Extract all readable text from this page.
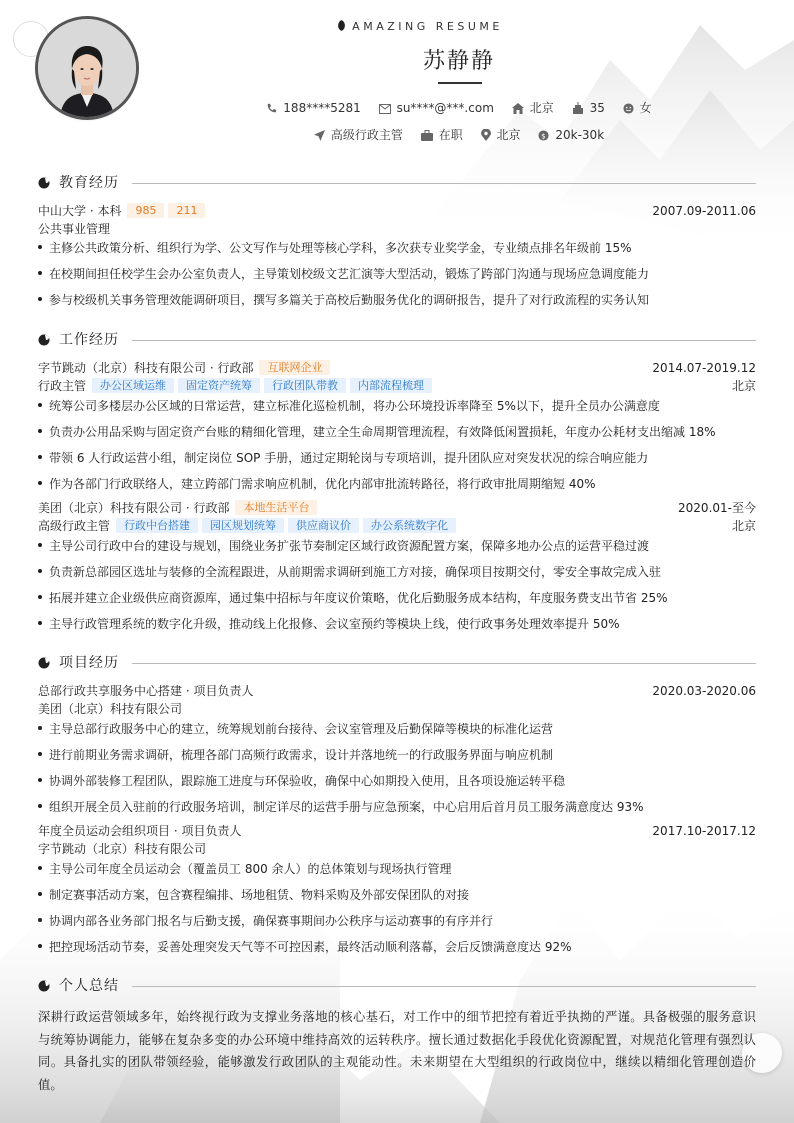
AMAZING RESUME
苏静静
188****5281	su****@***.com	北京	35	女
高级行政主管	在职	北京	$ 20k-30k
教育经历
中山大学 · 本科 985 211	2007.09-2011.06
公共事业管理
主修公共政策分析、组织行为学、公文写作与处理等核心学科，多次获专业奖学金，专业绩点排名年级前 15%
在校期间担任校学生会办公室负责人，主导策划校级文艺汇演等大型活动，锻炼了跨部门沟通与现场应急调度能力
参与校级机关事务管理效能调研项目，撰写多篇关于高校后勤服务优化的调研报告，提升了对行政流程的实务认知
工作经历
字节跳动（北京）科技有限公司 · 行政部 互联网企业	2014.07-2019.12
行政主管 办公区域运维 固定资产统筹 行政团队带教 内部流程梳理	北京
统筹公司多楼层办公区域的日常运营，建立标准化巡检机制，将办公环境投诉率降至 5%以下，提升全员办公满意度
负责办公用品采购与固定资产台账的精细化管理，建立全生命周期管理流程，有效降低闲置损耗，年度办公耗材支出缩减 18%
带领 6 人行政运营小组，制定岗位 SOP 手册，通过定期轮岗与专项培训，提升团队应对突发状况的综合响应能力
作为各部门行政联络人，建立跨部门需求响应机制，优化内部审批流转路径，将行政审批周期缩短 40%
美团（北京）科技有限公司 · 行政部 本地生活平台	2020.01-至今
高级行政主管 行政中台搭建 园区规划统筹 供应商议价 办公系统数字化	北京
主导公司行政中台的建设与规划，围绕业务扩张节奏制定区域行政资源配置方案，保障多地办公点的运营平稳过渡
负责新总部园区选址与装修的全流程跟进，从前期需求调研到施工方对接，确保项目按期交付，零安全事故完成入驻
拓展并建立企业级供应商资源库，通过集中招标与年度议价策略，优化后勤服务成本结构，年度服务费支出节省 25%
主导行政管理系统的数字化升级，推动线上化报修、会议室预约等模块上线，使行政事务处理效率提升 50%
项目经历
总部行政共享服务中心搭建 · 项目负责人	2020.03-2020.06
美团（北京）科技有限公司
主导总部行政服务中心的建立，统筹规划前台接待、会议室管理及后勤保障等模块的标准化运营
进行前期业务需求调研，梳理各部门高频行政需求，设计并落地统一的行政服务界面与响应机制
协调外部装修工程团队，跟踪施工进度与环保验收，确保中心如期投入使用，且各项设施运转平稳
组织开展全员入驻前的行政服务培训，制定详尽的运营手册与应急预案，中心启用后首月员工服务满意度达 93%
年度全员运动会组织项目 · 项目负责人	2017.10-2017.12
字节跳动（北京）科技有限公司
主导公司年度全员运动会（覆盖员工 800 余人）的总体策划与现场执行管理
制定赛事活动方案，包含赛程编排、场地租赁、物料采购及外部安保团队的对接
协调内部各业务部门报名与后勤支援，确保赛事期间办公秩序与运动赛事的有序并行
把控现场活动节奏，妥善处理突发天气等不可控因素，最终活动顺利落幕，会后反馈满意度达 92%
个人总结
深耕行政运营领域多年，始终视行政为支撑业务落地的核心基石，对工作中的细节把控有着近乎执拗的严谨。具备极强的服务意识与统筹协调能力，能够在复杂多变的办公环境中维持高效的运转秩序。擅长通过数据化手段优化资源配置，对规范化管理有强烈认同。具备扎实的团队带领经验，能够激发行政团队的主观能动性。未来期望在大型组织的行政岗位中，继续以精细化管理创造价值。
